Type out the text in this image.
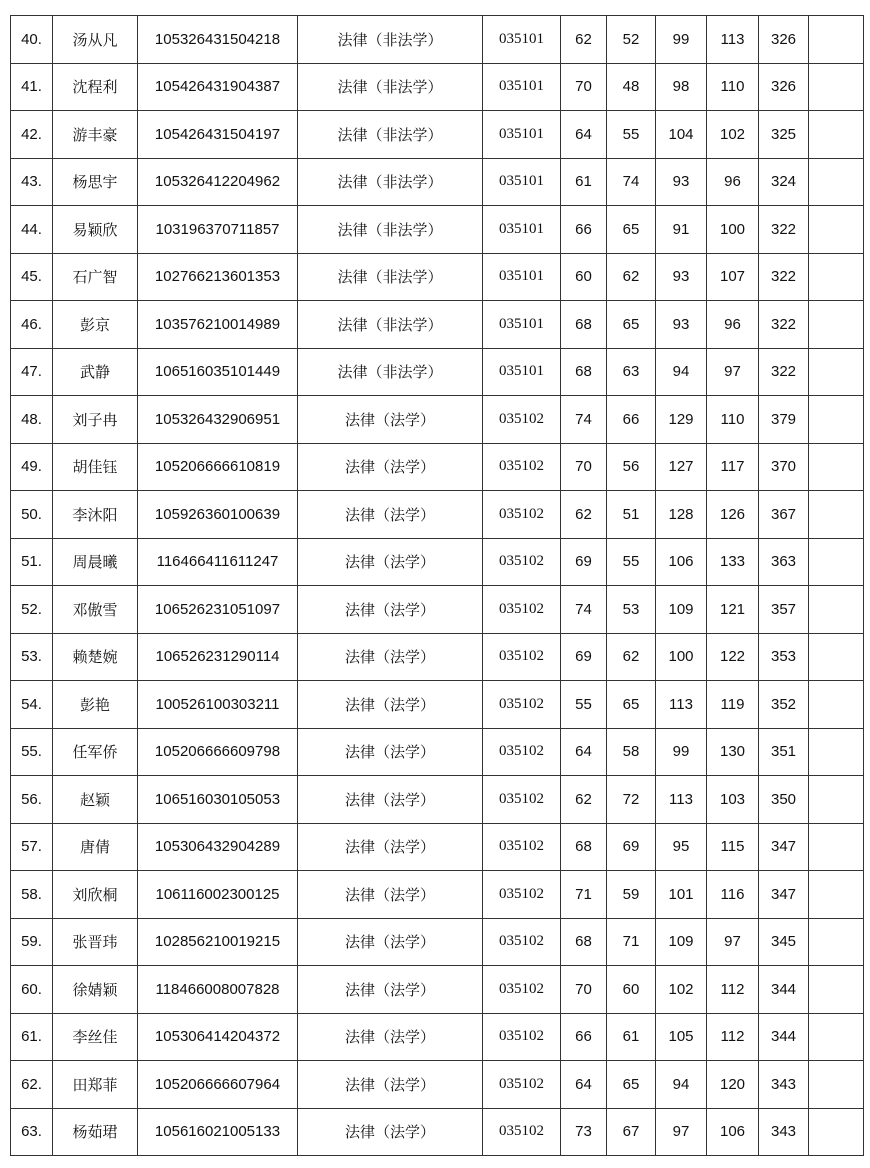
40.	汤从凡	105326431504218	法律（非法学）	035101	62	52	99	113	326	
41.	沈程利	105426431904387	法律（非法学）	035101	70	48	98	110	326	
42.	游丰豪	105426431504197	法律（非法学）	035101	64	55	104	102	325	
43.	杨思宇	105326412204962	法律（非法学）	035101	61	74	93	96	324	
44.	易颖欣	103196370711857	法律（非法学）	035101	66	65	91	100	322	
45.	石广智	102766213601353	法律（非法学）	035101	60	62	93	107	322	
46.	彭京	103576210014989	法律（非法学）	035101	68	65	93	96	322	
47.	武静	106516035101449	法律（非法学）	035101	68	63	94	97	322	
48.	刘子冉	105326432906951	法律（法学）	035102	74	66	129	110	379	
49.	胡佳钰	105206666610819	法律（法学）	035102	70	56	127	117	370	
50.	李沐阳	105926360100639	法律（法学）	035102	62	51	128	126	367	
51.	周晨曦	116466411611247	法律（法学）	035102	69	55	106	133	363	
52.	邓傲雪	106526231051097	法律（法学）	035102	74	53	109	121	357	
53.	赖楚婉	106526231290114	法律（法学）	035102	69	62	100	122	353	
54.	彭艳	100526100303211	法律（法学）	035102	55	65	113	119	352	
55.	任军侨	105206666609798	法律（法学）	035102	64	58	99	130	351	
56.	赵颖	106516030105053	法律（法学）	035102	62	72	113	103	350	
57.	唐倩	105306432904289	法律（法学）	035102	68	69	95	115	347	
58.	刘欣桐	106116002300125	法律（法学）	035102	71	59	101	116	347	
59.	张晋玮	102856210019215	法律（法学）	035102	68	71	109	97	345	
60.	徐婧颖	118466008007828	法律（法学）	035102	70	60	102	112	344	
61.	李丝佳	105306414204372	法律（法学）	035102	66	61	105	112	344	
62.	田郑菲	105206666607964	法律（法学）	035102	64	65	94	120	343	
63.	杨茹珺	105616021005133	法律（法学）	035102	73	67	97	106	343	
